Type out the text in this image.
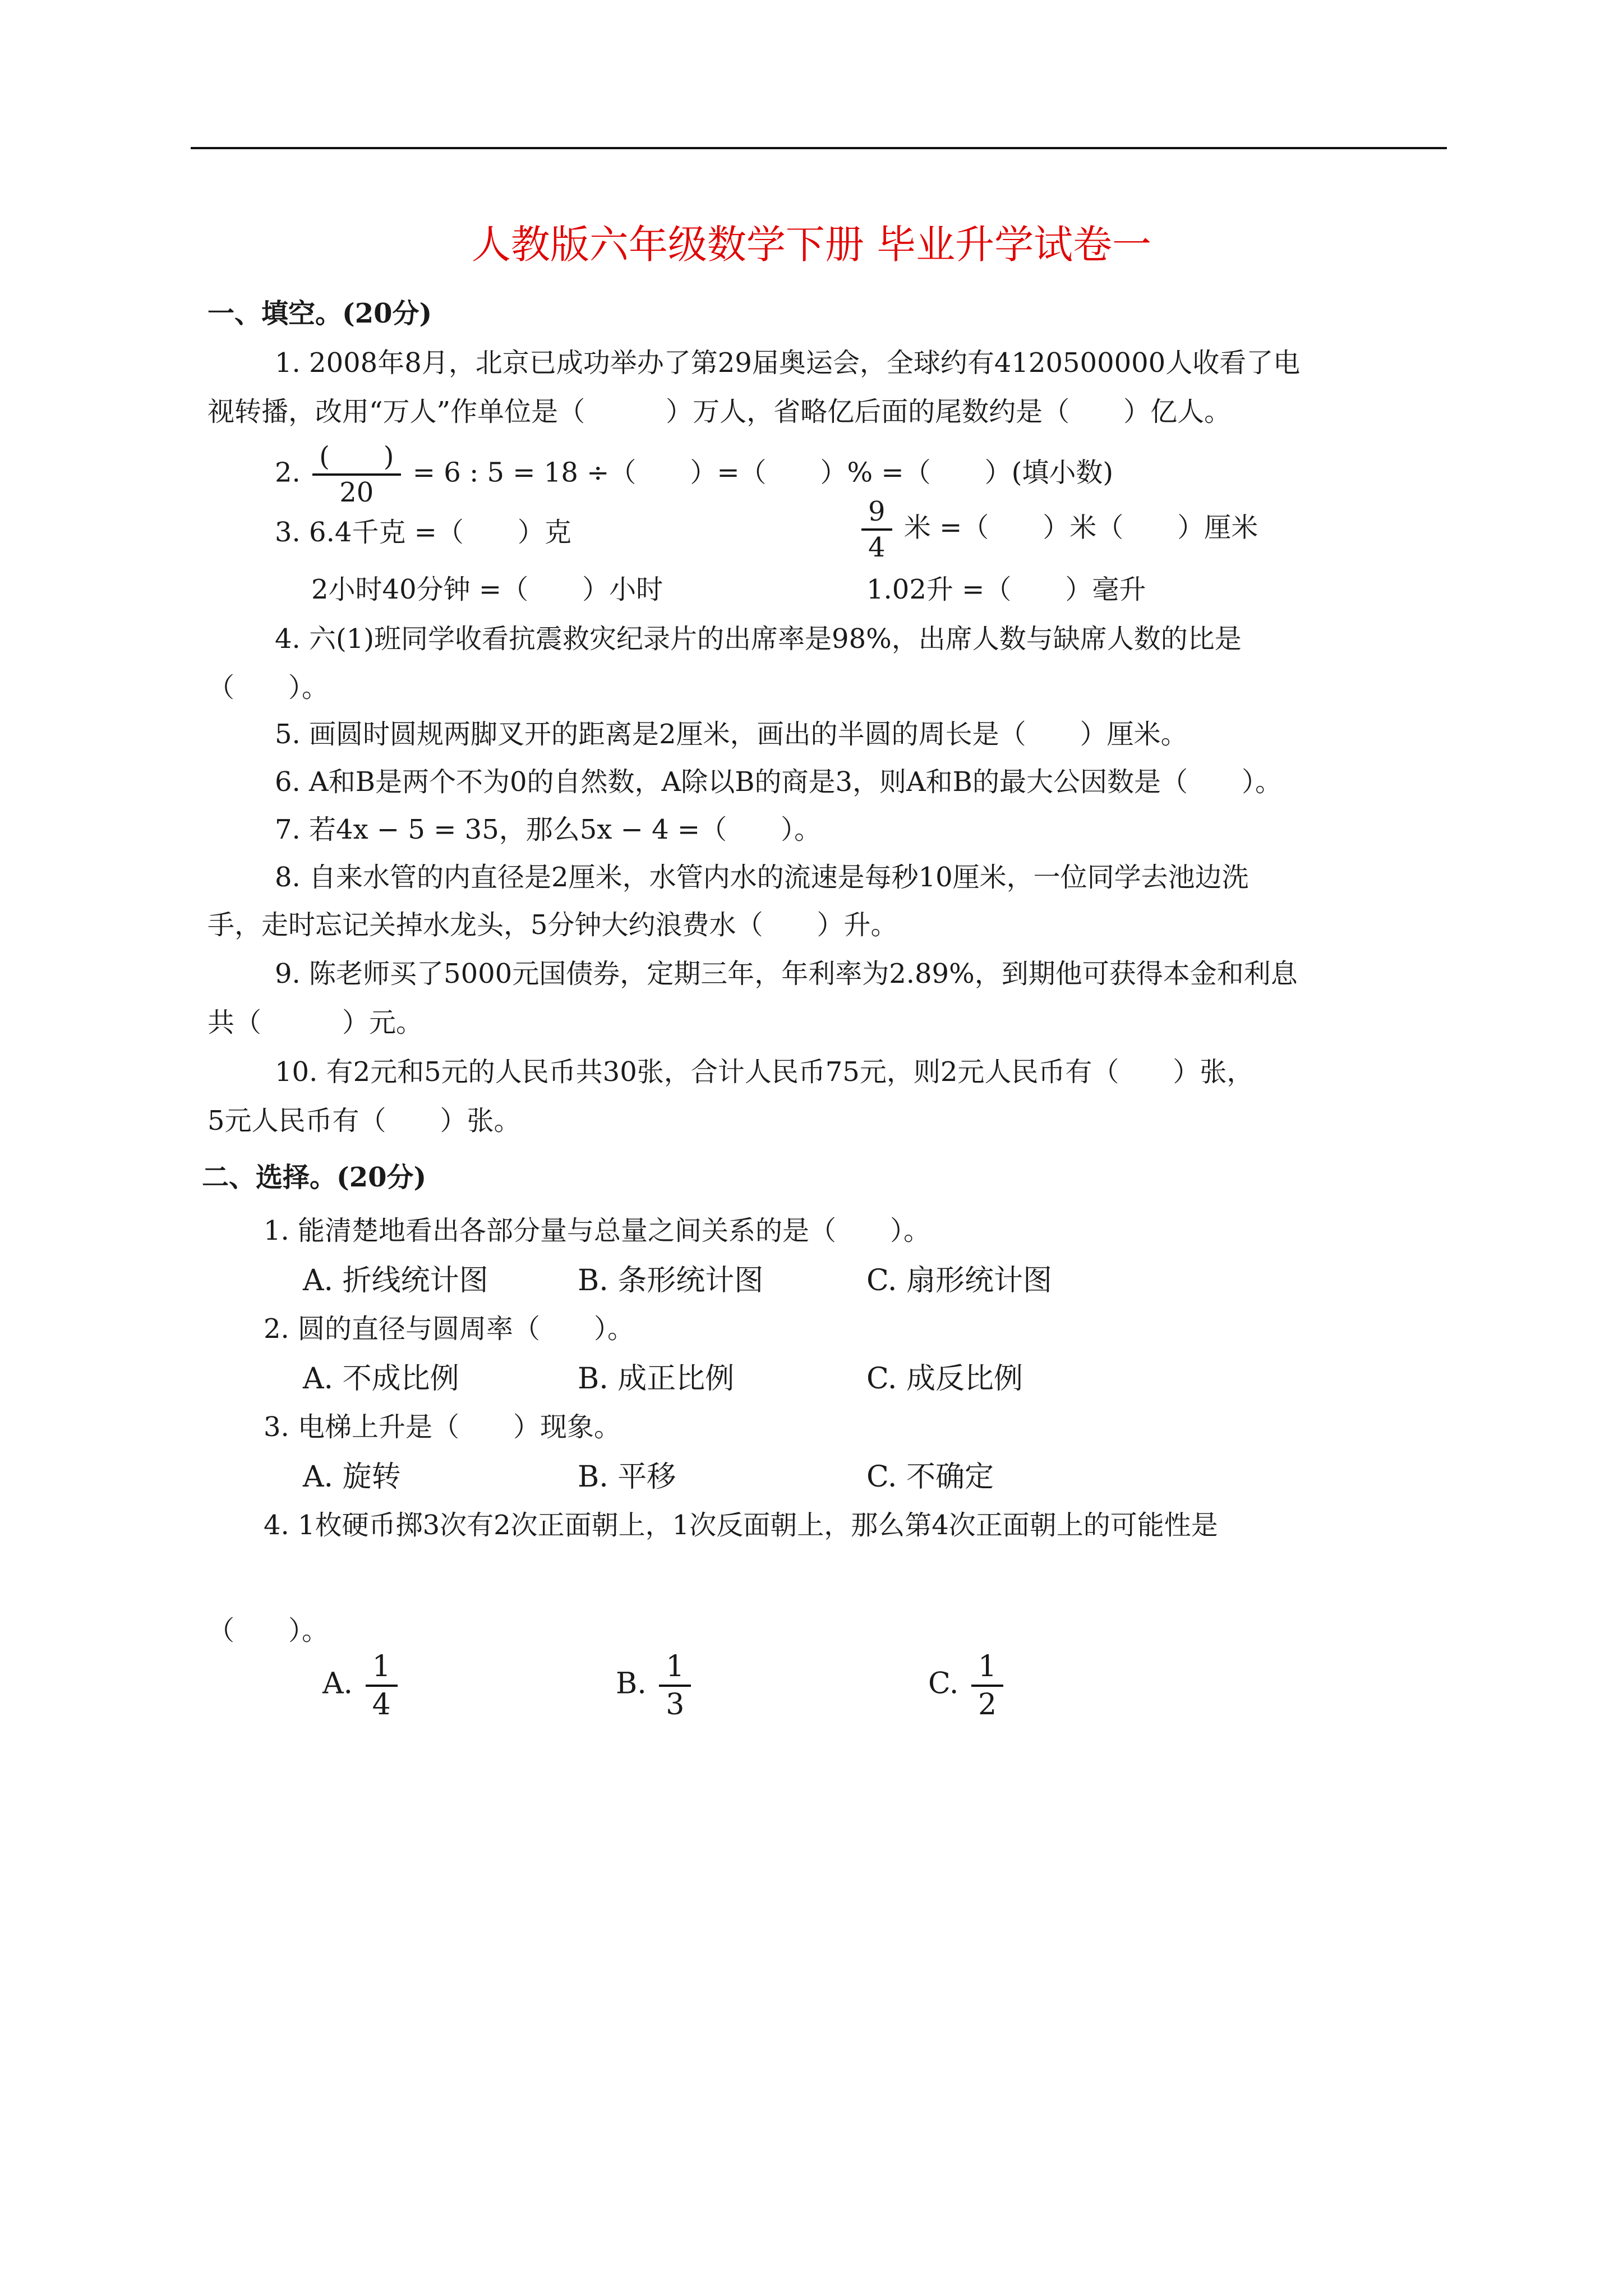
人教版六年级数学下册 毕业升学试卷一
一、填空。(20分)
1. 2008年8月，北京已成功举办了第29届奥运会，全球约有4120500000人收看了电
视转播，改用“万人”作单位是（　　　）万人，省略亿后面的尾数约是（　　）亿人。
2. $\frac{( )}{20} = 6$ : 5 = 18 ÷（　　）=（　　）% =（　　）(填小数)
3. 6.4千克 =（　　）克	$\frac{9}{4}$ 米 =（　　）米（　　）厘米
2小时40分钟 =（　　）小时	1.02升 =（　　）毫升
4. 六(1)班同学收看抗震救灾纪录片的出席率是98%，出席人数与缺席人数的比是
（　　）。
5. 画圆时圆规两脚叉开的距离是2厘米，画出的半圆的周长是（　　）厘米。
6. A和B是两个不为0的自然数，A除以B的商是3，则A和B的最大公因数是（　　）。
7. 若4x − 5 = 35，那么5x − 4 =（　　）。
8. 自来水管的内直径是2厘米，水管内水的流速是每秒10厘米，一位同学去池边洗
手，走时忘记关掉水龙头，5分钟大约浪费水（　　）升。
9. 陈老师买了5000元国债券，定期三年，年利率为2.89%，到期他可获得本金和利息
共（　　　）元。
10. 有2元和5元的人民币共30张，合计人民币75元，则2元人民币有（　　）张，
5元人民币有（　　）张。
二、选择。(20分)
1. 能清楚地看出各部分量与总量之间关系的是（　　）。
A. 折线统计图	B. 条形统计图	C. 扇形统计图
2. 圆的直径与圆周率（　　）。
A. 不成比例	B. 成正比例	C. 成反比例
3. 电梯上升是（　　）现象。
A. 旋转	B. 平移	C. 不确定
4. 1枚硬币掷3次有2次正面朝上，1次反面朝上，那么第4次正面朝上的可能性是
（　　）。
A. $\frac{1}{4}$	B. $\frac{1}{3}$	C. $\frac{1}{2}$
